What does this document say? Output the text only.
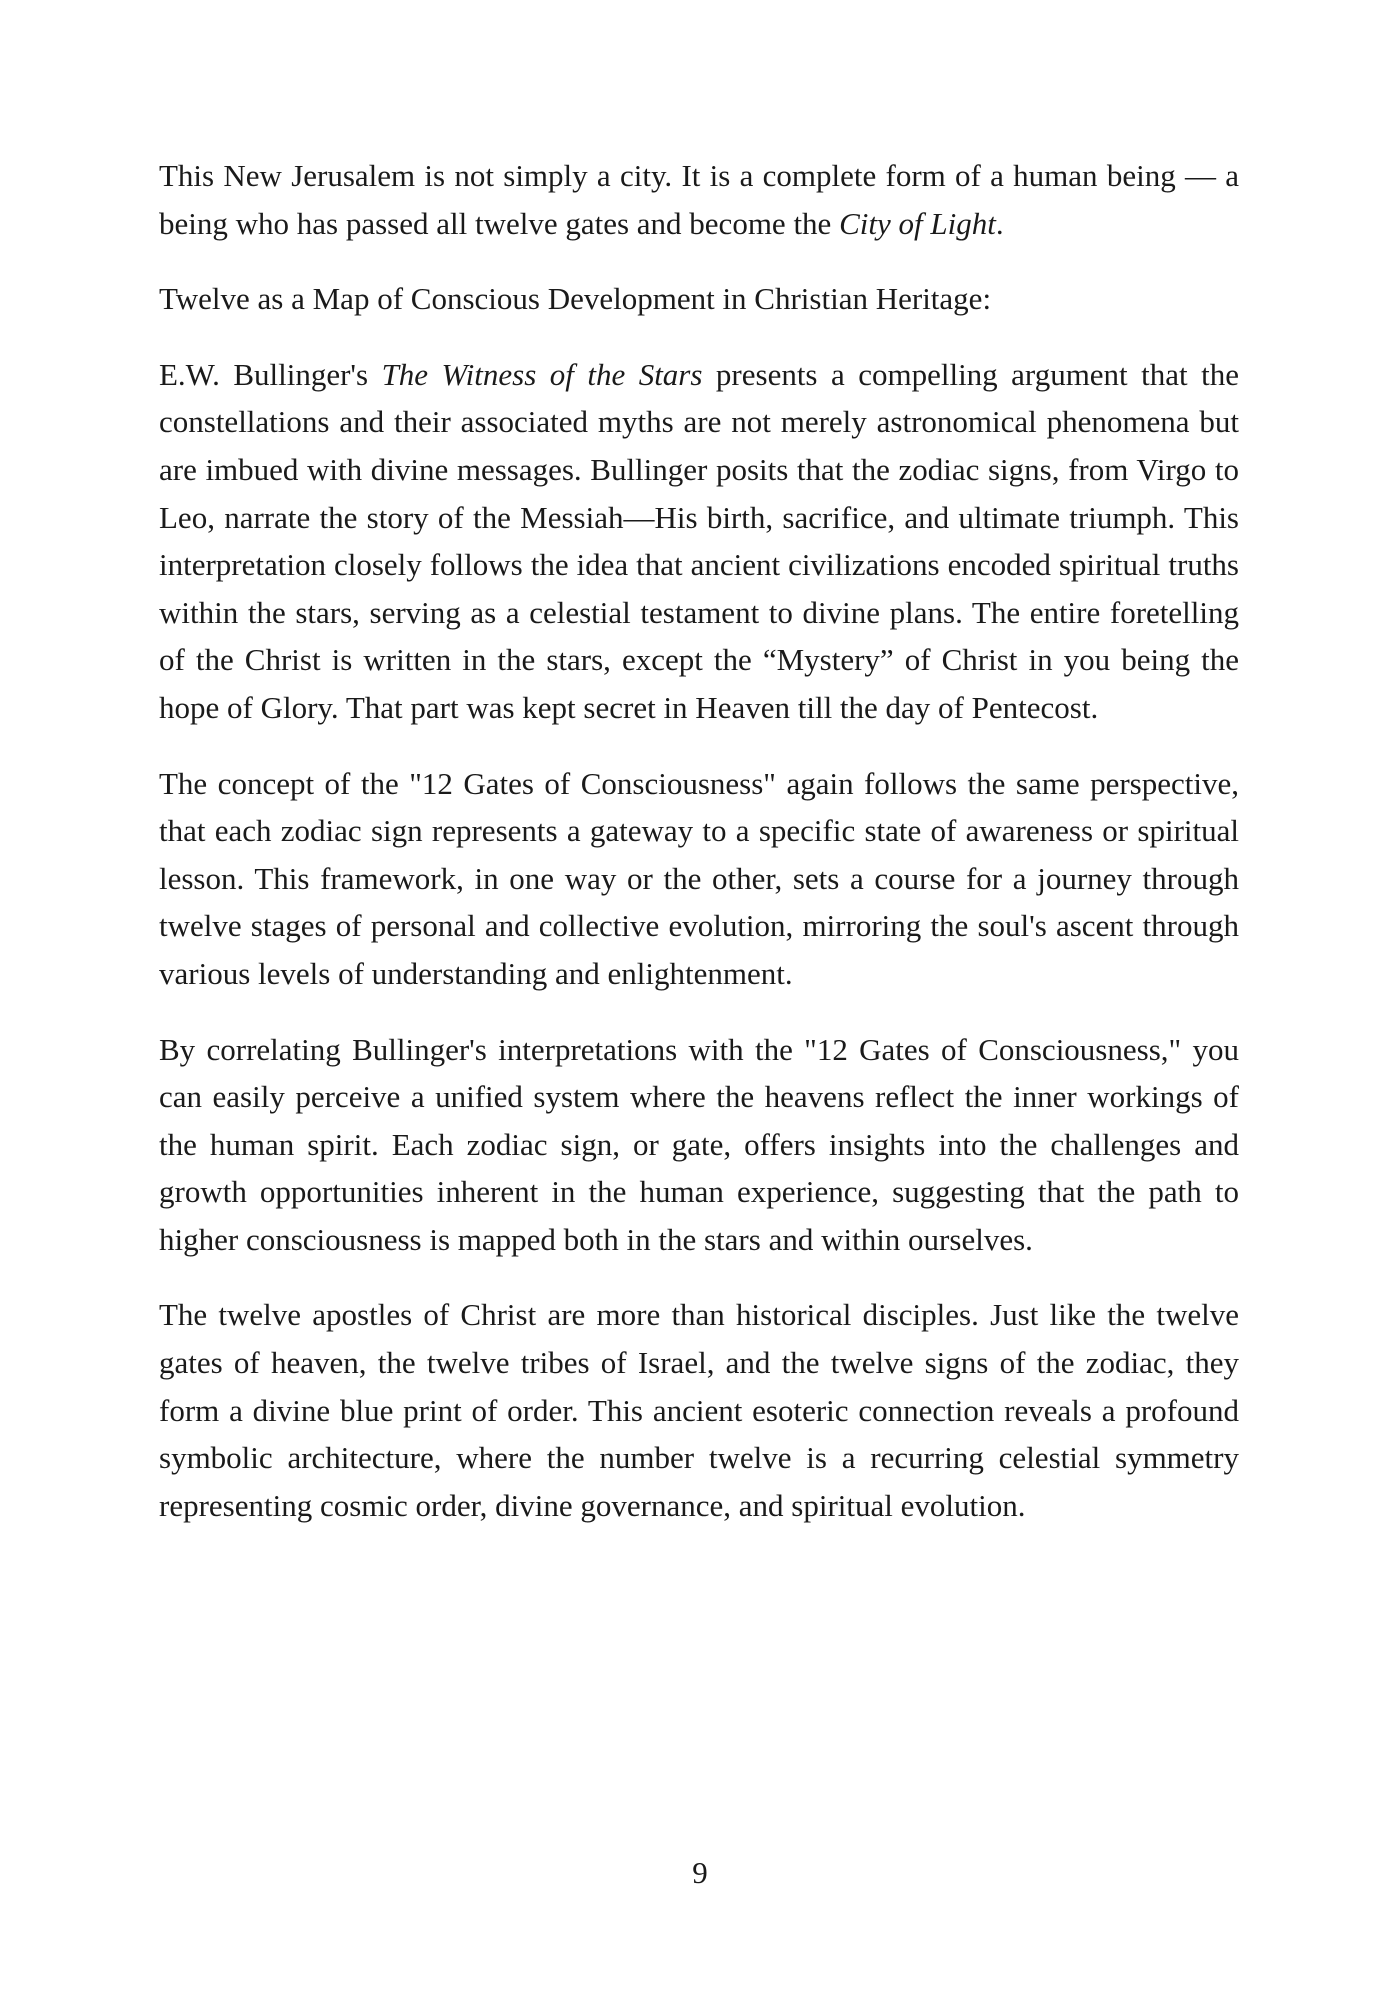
This New Jerusalem is not simply a city. It is a complete form of a human being — a being who has passed all twelve gates and become the City of Light.

Twelve as a Map of Conscious Development in Christian Heritage:

E.W. Bullinger's The Witness of the Stars presents a compelling argument that the constellations and their associated myths are not merely astronomical phenomena but are imbued with divine messages. Bullinger posits that the zodiac signs, from Virgo to Leo, narrate the story of the Messiah—His birth, sacrifice, and ultimate triumph. This interpretation closely follows the idea that ancient civilizations encoded spiritual truths within the stars, serving as a celestial testament to divine plans. The entire foretelling of the Christ is written in the stars, except the “Mystery” of Christ in you being the hope of Glory. That part was kept secret in Heaven till the day of Pentecost.

The concept of the "12 Gates of Consciousness" again follows the same perspective, that each zodiac sign represents a gateway to a specific state of awareness or spiritual lesson. This framework, in one way or the other, sets a course for a journey through twelve stages of personal and collective evolution, mirroring the soul's ascent through various levels of understanding and enlightenment.

By correlating Bullinger's interpretations with the "12 Gates of Consciousness," you can easily perceive a unified system where the heavens reflect the inner workings of the human spirit. Each zodiac sign, or gate, offers insights into the challenges and growth opportunities inherent in the human experience, suggesting that the path to higher consciousness is mapped both in the stars and within ourselves.

The twelve apostles of Christ are more than historical disciples. Just like the twelve gates of heaven, the twelve tribes of Israel, and the twelve signs of the zodiac, they form a divine blue print of order. This ancient esoteric connection reveals a profound symbolic architecture, where the number twelve is a recurring celestial symmetry representing cosmic order, divine governance, and spiritual evolution.

9
